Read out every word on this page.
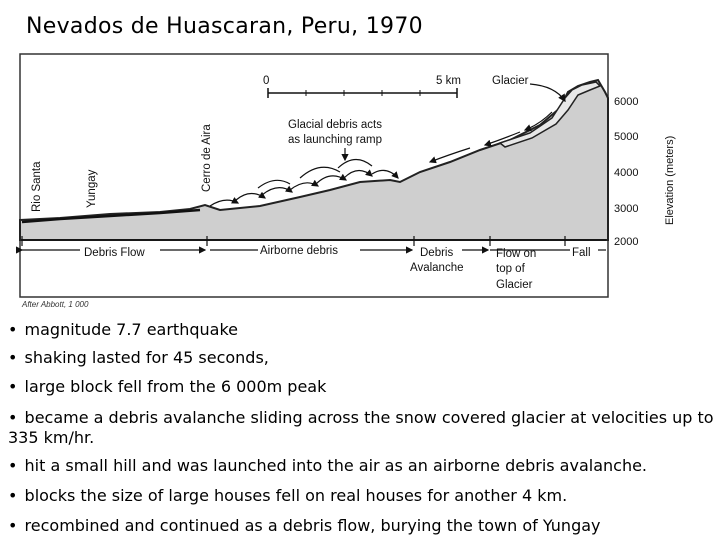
Nevados de Huascaran, Peru, 1970
0	5 km	Glacier
Glacial debris acts
as launching ramp
Rio Santa	Yungay	Cerro de Aira
6000
5000
4000
3000
2000
Elevation (meters)
Debris Flow	Airborne debris	Debris
Avalanche
Flow on
top of
Glacier
Fall
After Abbott, 1 000
• magnitude 7.7 earthquake
• shaking lasted for 45 seconds,
• large block fell from the 6 000m peak
• became a debris avalanche sliding across the snow covered glacier at velocities up to 335 km/hr.
• hit a small hill and was launched into the air as an airborne debris avalanche.
• blocks the size of large houses fell on real houses for another 4 km.
• recombined and continued as a debris flow, burying the town of Yungay
